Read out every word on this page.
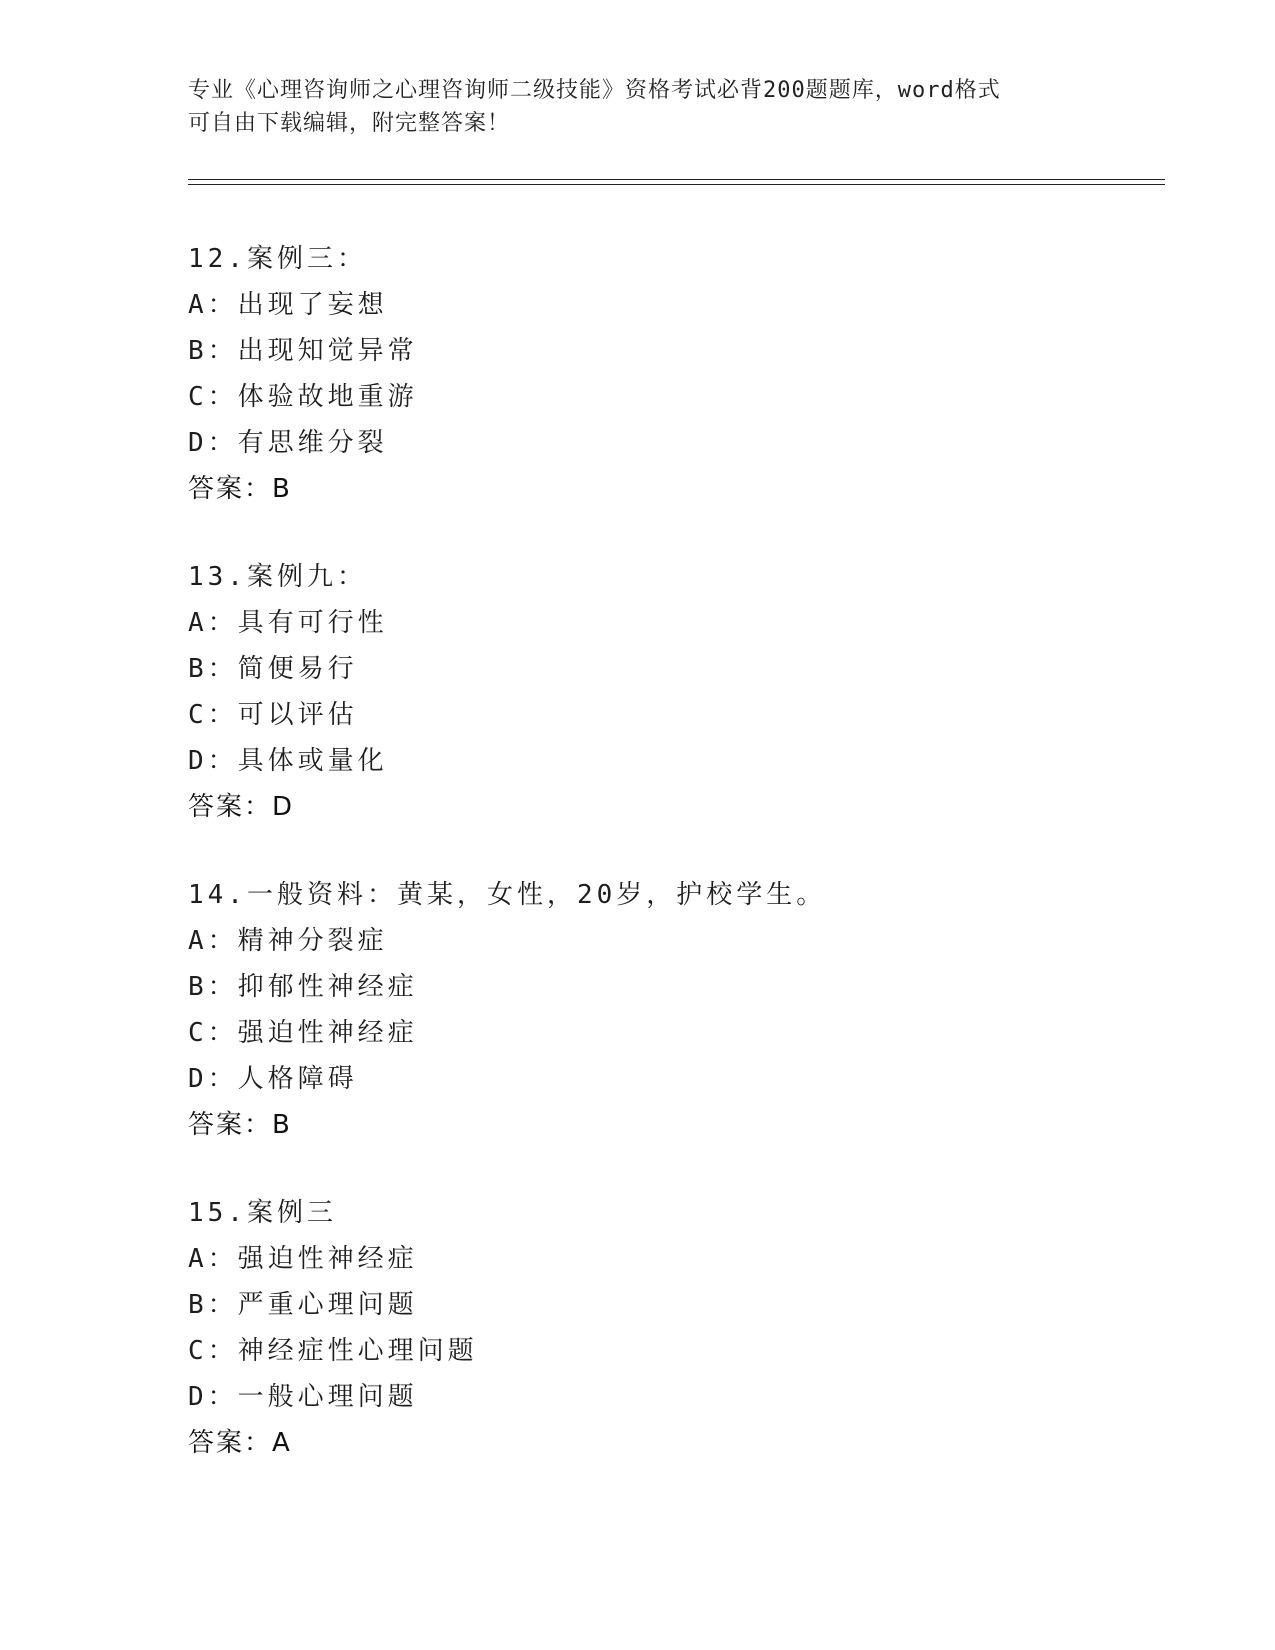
专业《心理咨询师之心理咨询师二级技能》资格考试必背200题题库，word格式
可自由下载编辑，附完整答案！
12.案例三：
A：出现了妄想
B：出现知觉异常
C：体验故地重游
D：有思维分裂
答案：B
13.案例九：
A：具有可行性
B：简便易行
C：可以评估
D：具体或量化
答案：D
14.一般资料：黄某，女性，20岁，护校学生。
A：精神分裂症
B：抑郁性神经症
C：强迫性神经症
D：人格障碍
答案：B
15.案例三
A：强迫性神经症
B：严重心理问题
C：神经症性心理问题
D：一般心理问题
答案：A
